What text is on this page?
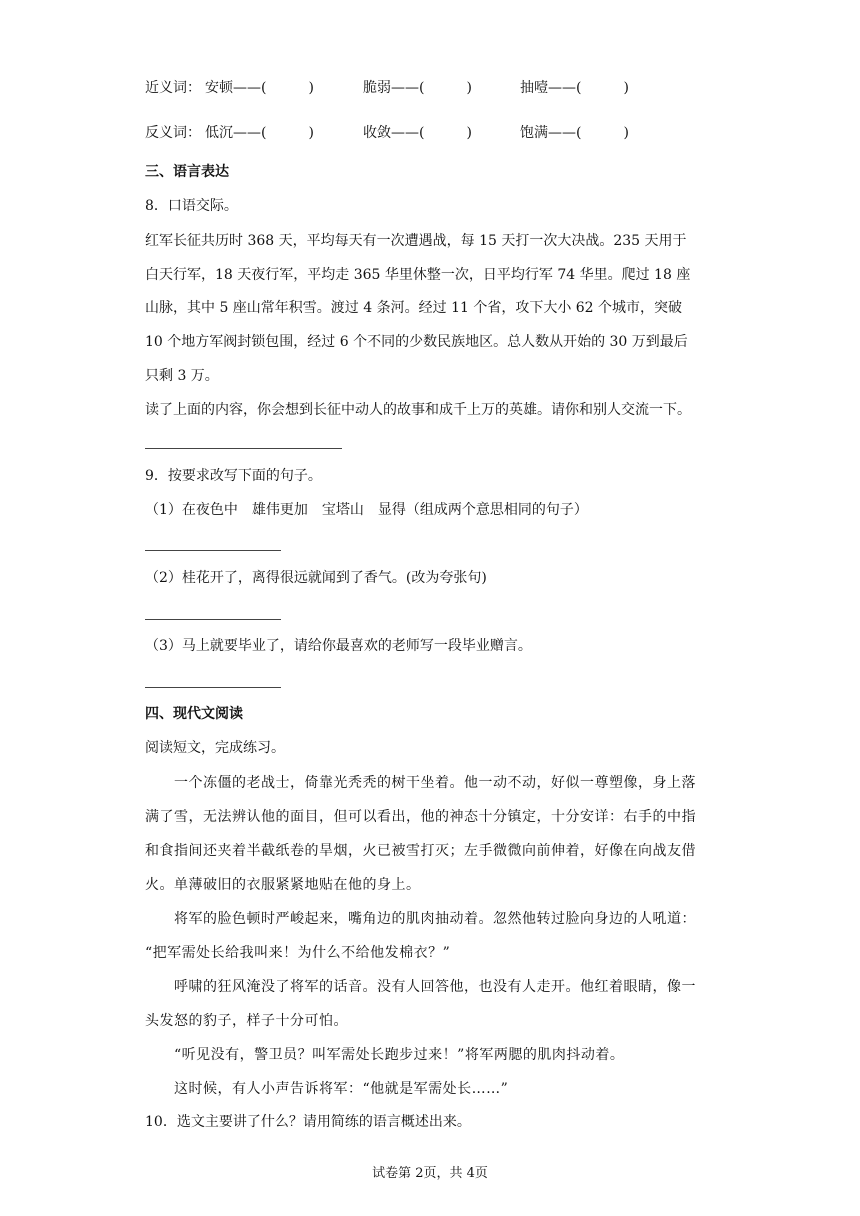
近义词： 安顿——(　　　)	脆弱——(　　　)	抽噎——(　　　)
反义词： 低沉——(　　　)	收敛——(　　　)	饱满——(　　　)
三、语言表达
8．口语交际。
红军长征共历时 368 天，平均每天有一次遭遇战，每 15 天打一次大决战。235 天用于
白天行军，18 天夜行军，平均走 365 华里休整一次，日平均行军 74 华里。爬过 18 座
山脉，其中 5 座山常年积雪。渡过 4 条河。经过 11 个省，攻下大小 62 个城市，突破
10 个地方军阀封锁包围，经过 6 个不同的少数民族地区。总人数从开始的 30 万到最后
只剩 3 万。
读了上面的内容，你会想到长征中动人的故事和成千上万的英雄。请你和别人交流一下。
9．按要求改写下面的句子。
（1）在夜色中　雄伟更加　宝塔山　显得（组成两个意思相同的句子）
（2）桂花开了，离得很远就闻到了香气。(改为夸张句)
（3）马上就要毕业了，请给你最喜欢的老师写一段毕业赠言。
四、现代文阅读
阅读短文，完成练习。
一个冻僵的老战士，倚靠光秃秃的树干坐着。他一动不动，好似一尊塑像，身上落
满了雪，无法辨认他的面目，但可以看出，他的神态十分镇定，十分安详：右手的中指
和食指间还夹着半截纸卷的旱烟，火已被雪打灭；左手微微向前伸着，好像在向战友借
火。单薄破旧的衣服紧紧地贴在他的身上。
将军的脸色顿时严峻起来，嘴角边的肌肉抽动着。忽然他转过脸向身边的人吼道：
“把军需处长给我叫来！为什么不给他发棉衣？”
呼啸的狂风淹没了将军的话音。没有人回答他，也没有人走开。他红着眼睛，像一
头发怒的豹子，样子十分可怕。
“听见没有，警卫员？叫军需处长跑步过来！”将军两腮的肌肉抖动着。
这时候，有人小声告诉将军：“他就是军需处长……”
10．选文主要讲了什么？请用简练的语言概述出来。
试卷第 2页，共 4页
